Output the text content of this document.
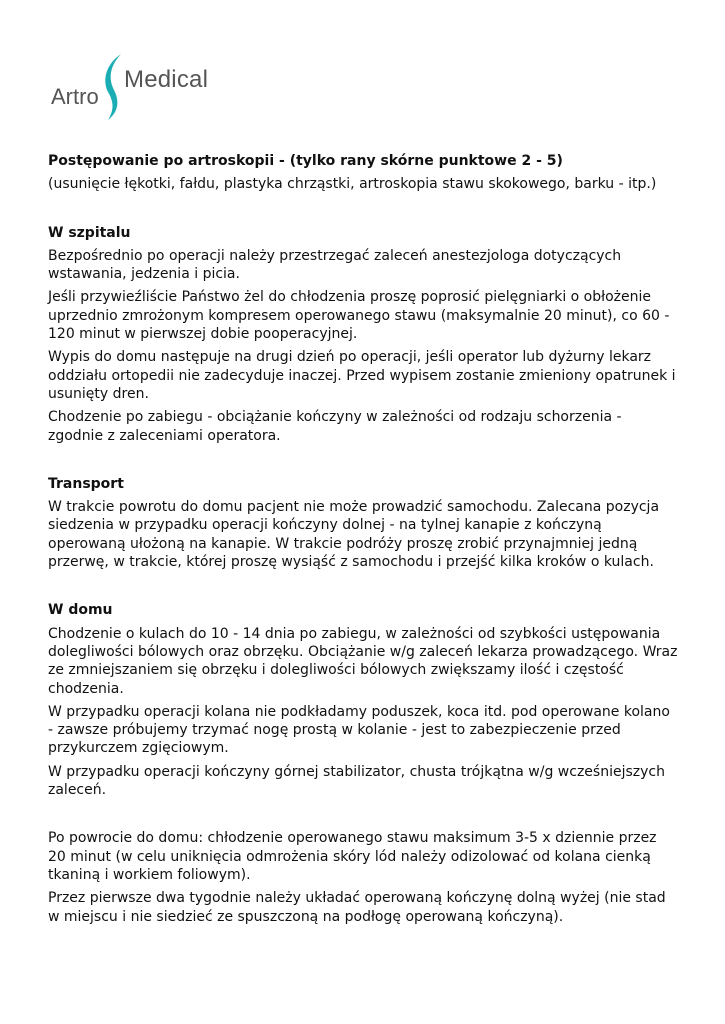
Medical
Artro

Postępowanie po artroskopii - (tylko rany skórne punktowe 2 - 5)

(usunięcie łękotki, fałdu, plastyka chrząstki, artroskopia stawu skokowego, barku - itp.)

W szpitalu

Bezpośrednio po operacji należy przestrzegać zaleceń anestezjologa dotyczących wstawania, jedzenia i picia.

Jeśli przywieźliście Państwo żel do chłodzenia proszę poprosić pielęgniarki o obłożenie uprzednio zmrożonym kompresem operowanego stawu (maksymalnie 20 minut), co 60 - 120 minut w pierwszej dobie pooperacyjnej.

Wypis do domu następuje na drugi dzień po operacji, jeśli operator lub dyżurny lekarz oddziału ortopedii nie zadecyduje inaczej. Przed wypisem zostanie zmieniony opatrunek i usunięty dren.

Chodzenie po zabiegu - obciążanie kończyny w zależności od rodzaju schorzenia - zgodnie z zaleceniami operatora.

Transport

W trakcie powrotu do domu pacjent nie może prowadzić samochodu. Zalecana pozycja siedzenia w przypadku operacji kończyny dolnej - na tylnej kanapie z kończyną operowaną ułożoną na kanapie. W trakcie podróży proszę zrobić przynajmniej jedną przerwę, w trakcie, której proszę wysiąść z samochodu i przejść kilka kroków o kulach.

W domu

Chodzenie o kulach do 10 - 14 dnia po zabiegu, w zależności od szybkości ustępowania dolegliwości bólowych oraz obrzęku. Obciążanie w/g zaleceń lekarza prowadzącego. Wraz ze zmniejszaniem się obrzęku i dolegliwości bólowych zwiększamy ilość i częstość chodzenia.

W przypadku operacji kolana nie podkładamy poduszek, koca itd. pod operowane kolano - zawsze próbujemy trzymać nogę prostą w kolanie - jest to zabezpieczenie przed przykurczem zgięciowym.

W przypadku operacji kończyny górnej stabilizator, chusta trójkątna w/g wcześniejszych zaleceń.

Po powrocie do domu: chłodzenie operowanego stawu maksimum 3-5 x dziennie przez 20 minut (w celu uniknięcia odmrożenia skóry lód należy odizolować od kolana cienką tkaniną i workiem foliowym).

Przez pierwsze dwa tygodnie należy układać operowaną kończynę dolną wyżej (nie stad w miejscu i nie siedzieć ze spuszczoną na podłogę operowaną kończyną).
